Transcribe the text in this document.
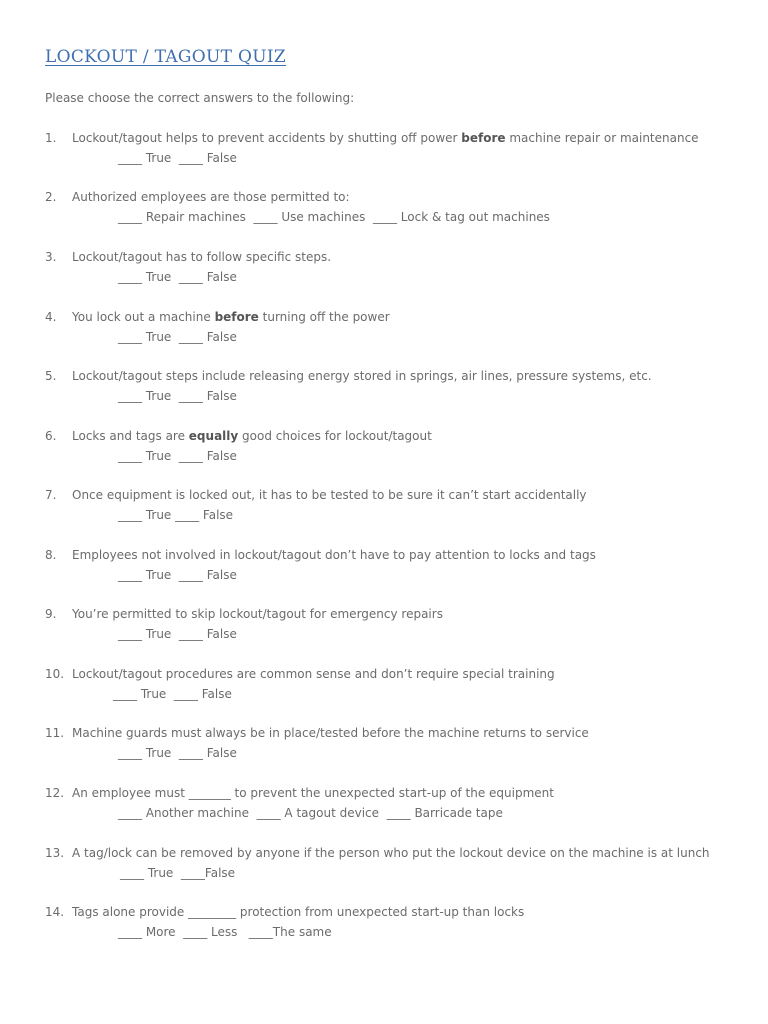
LOCKOUT / TAGOUT QUIZ
Please choose the correct answers to the following:
1. Lockout/tagout helps to prevent accidents by shutting off power before machine repair or maintenance
____ True  ____ False
2. Authorized employees are those permitted to:
____ Repair machines  ____ Use machines  ____ Lock & tag out machines
3. Lockout/tagout has to follow specific steps.
____ True  ____ False
4. You lock out a machine before turning off the power
____ True  ____ False
5. Lockout/tagout steps include releasing energy stored in springs, air lines, pressure systems, etc.
____ True  ____ False
6. Locks and tags are equally good choices for lockout/tagout
____ True  ____ False
7. Once equipment is locked out, it has to be tested to be sure it can’t start accidentally
____ True ____ False
8. Employees not involved in lockout/tagout don’t have to pay attention to locks and tags
____ True  ____ False
9. You’re permitted to skip lockout/tagout for emergency repairs
____ True  ____ False
10. Lockout/tagout procedures are common sense and don’t require special training
____ True  ____ False
11. Machine guards must always be in place/tested before the machine returns to service
____ True  ____ False
12. An employee must _______ to prevent the unexpected start-up of the equipment
____ Another machine  ____ A tagout device  ____ Barricade tape
13. A tag/lock can be removed by anyone if the person who put the lockout device on the machine is at lunch
____ True  ____False
14. Tags alone provide ________ protection from unexpected start-up than locks
____ More  ____ Less   ____The same
